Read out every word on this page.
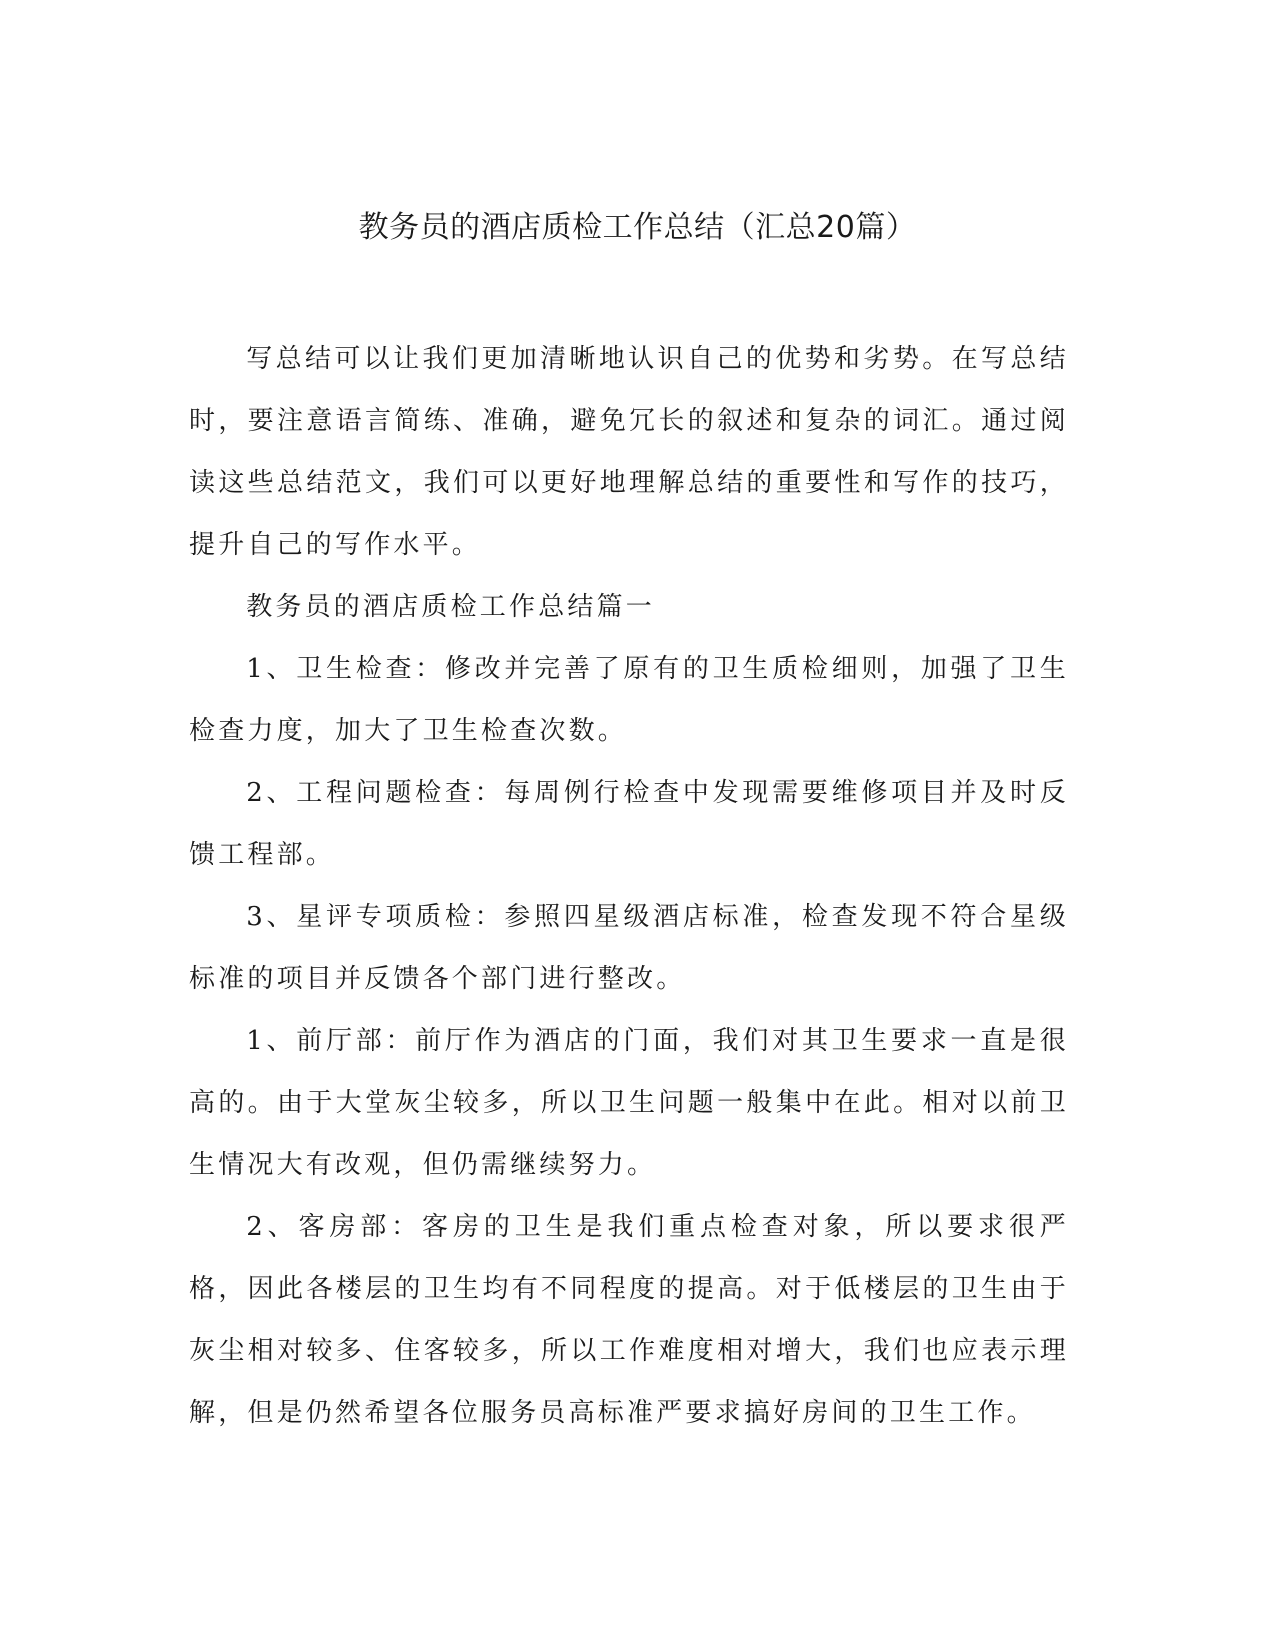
教务员的酒店质检工作总结（汇总20篇）

写总结可以让我们更加清晰地认识自己的优势和劣势。在写总结时，要注意语言简练、准确，避免冗长的叙述和复杂的词汇。通过阅读这些总结范文，我们可以更好地理解总结的重要性和写作的技巧，提升自己的写作水平。

教务员的酒店质检工作总结篇一

1、卫生检查：修改并完善了原有的卫生质检细则，加强了卫生检查力度，加大了卫生检查次数。

2、工程问题检查：每周例行检查中发现需要维修项目并及时反馈工程部。

3、星评专项质检：参照四星级酒店标准，检查发现不符合星级标准的项目并反馈各个部门进行整改。

1、前厅部：前厅作为酒店的门面，我们对其卫生要求一直是很高的。由于大堂灰尘较多，所以卫生问题一般集中在此。相对以前卫生情况大有改观，但仍需继续努力。

2、客房部：客房的卫生是我们重点检查对象，所以要求很严格，因此各楼层的卫生均有不同程度的提高。对于低楼层的卫生由于灰尘相对较多、住客较多，所以工作难度相对增大，我们也应表示理解，但是仍然希望各位服务员高标准严要求搞好房间的卫生工作。
